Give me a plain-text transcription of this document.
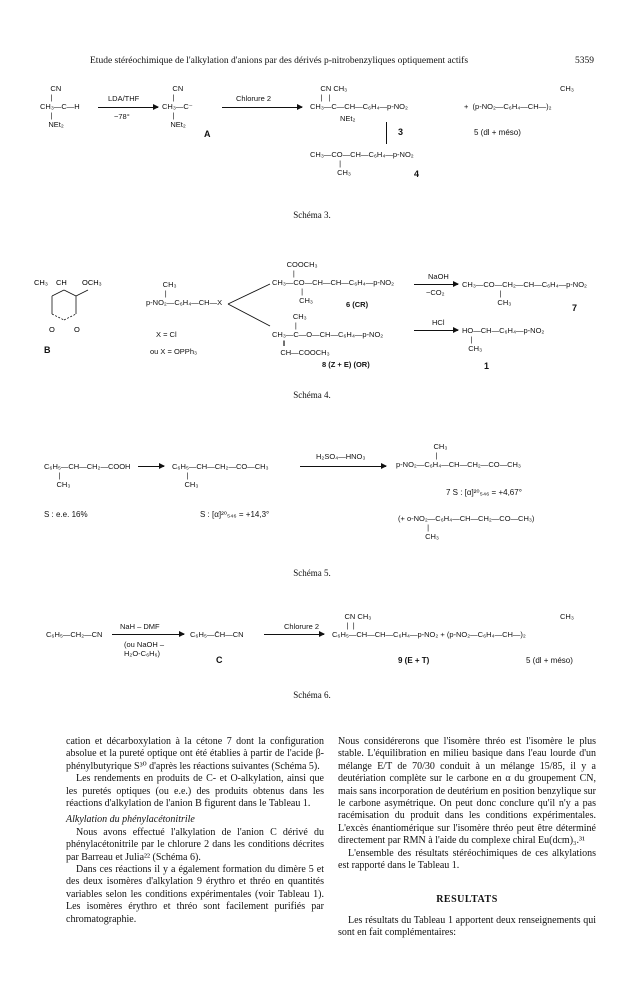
Etude stéréochimique de l'alkylation d'anions par des dérivés p-nitrobenzyliques optiquement actifs	5359
CN
|
CH₃—C—H
|
NEt₂
LDA/THF
−78°
CN
|
CH₃—C⁻
|
NEt₂
A
Chlorure 2
CN CH₃
|   |
CH₃—C—CH—C₆H₄—p-NO₂
NEt₂
+  (p-NO₂—C₆H₄—CH—)₂
CH₃
3	5 (dl + méso)
CH₃—CO—CH—C₆H₄—p-NO₂
|
CH₃	4
Schéma 3.
CH₃ CH OCH₃
O	O
B
CH₃
|
p-NO₂—C₆H₄—CH—X
X = Cl
ou X = OPPh₃
COOCH₃
|
CH₃—CO—CH—CH—C₆H₄—p-NO₂
|
CH₃	6 (CR)
NaOH
−CO₂
CH₃—CO—CH₂—CH—C₆H₄—p-NO₂
|
CH₃
7
CH₃
|
CH₃—C—O—CH—C₆H₄—p-NO₂
‖
CH—COOCH₃
8 (Z + E) (OR)
HCl
HO—CH—C₆H₄—p-NO₂
|
CH₃
1
Schéma 4.
C₆H₅—CH—CH₂—COOH
|
CH₃
C₆H₅—CH—CH₂—CO—CH₃
|
CH₃
H₂SO₄—HNO₃
CH₃
|
p-NO₂—C₆H₄—CH—CH₂—CO—CH₃
S : e.e. 16%	S : [α]²⁰₅₄₆ = +14,3°
7 S : [α]²⁰₅₄₆ = +4,67°
(+ o-NO₂—C₆H₄—CH—CH₂—CO—CH₃)
|
CH₃
Schéma 5.
C₆H₅—CH₂—CN
NaH – DMF
(ou NaOH –
H₂O-C₆H₆)
C₆H₅—C̄H—CN
C
Chlorure 2
CN CH₃
|  |
C₆H₅—CH—CH—C₆H₄—p-NO₂ + (p-NO₂—C₆H₄—CH—)₂
CH₃
9 (E + T)	5 (dl + méso)
Schéma 6.

cation et décarboxylation à la cétone 7 dont la configuration absolue et la pureté optique ont été établies à partir de l'acide β-phénylbutyrique S³⁰ d'après les réactions suivantes (Schéma 5).

Les rendements en produits de C- et O-alkylation, ainsi que les puretés optiques (ou e.e.) des produits obtenus dans les réactions d'alkylation de l'anion B figurent dans le Tableau 1.

Alkylation du phénylacétonitrile

Nous avons effectué l'alkylation de l'anion C dérivé du phénylacétonitrile par le chlorure 2 dans les conditions décrites par Barreau et Julia²² (Schéma 6).

Dans ces réactions il y a également formation du dimère 5 et des deux isomères d'alkylation 9 érythro et thréo en quantités variables selon les conditions expérimentales (voir Tableau 1). Les isomères érythro et thréo sont facilement purifiés par chromatographie.

Nous considérerons que l'isomère thréo est l'isomère le plus stable. L'équilibration en milieu basique dans l'eau lourde d'un mélange E/T de 70/30 conduit à un mélange 15/85, il y a deutériation complète sur le carbone en α du groupement CN, mais sans incorporation de deutérium en position benzylique sur le carbone asymétrique. On peut donc conclure qu'il n'y a pas racémisation du produit dans les conditions expérimentales. L'excès énantiomérique sur l'isomère thréo peut être déterminé directement par RMN à l'aide du complexe chiral Eu(dcm)₃.³¹

L'ensemble des résultats stéréochimiques de ces alkylations est rapporté dans le Tableau 1.

RESULTATS

Les résultats du Tableau 1 apportent deux renseignements qui sont en fait complémentaires:
